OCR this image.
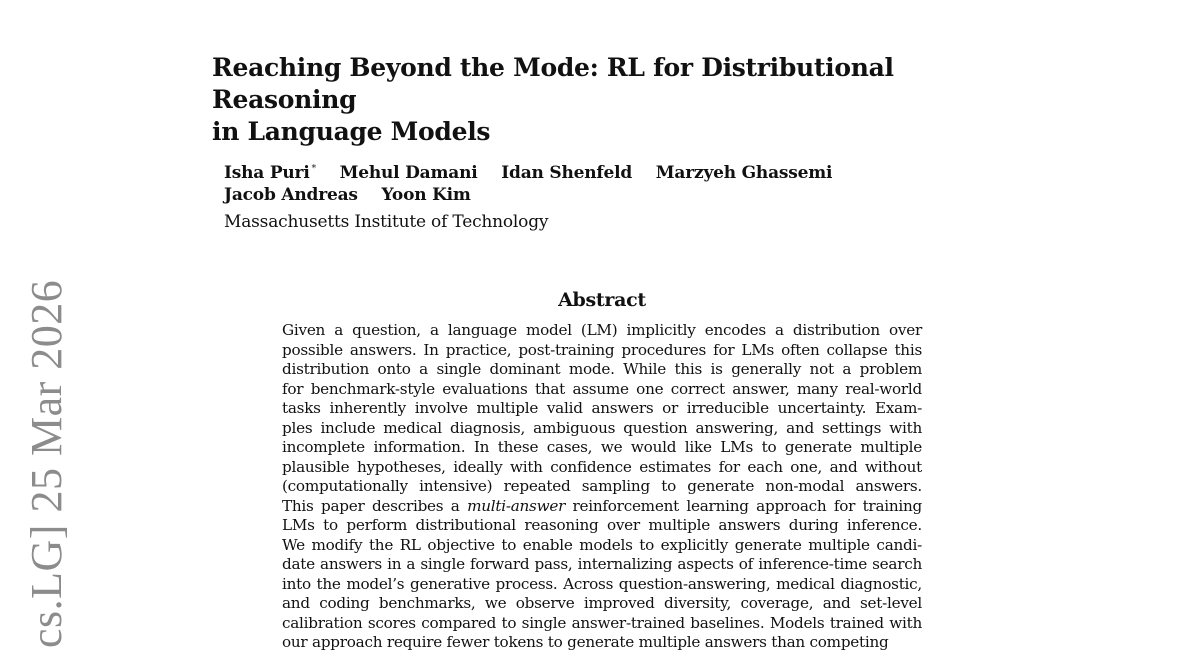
Reaching Beyond the Mode: RL for Distributional Reasoning
in Language Models
Isha Puri * Mehul Damani Idan Shenfeld Marzyeh Ghassemi
Jacob Andreas Yoon Kim
Massachusetts Institute of Technology
Abstract
Given a question, a language model (LM) implicitly encodes a distribution over
possible answers. In practice, post-training procedures for LMs often collapse this
distribution onto a single dominant mode. While this is generally not a problem
for benchmark-style evaluations that assume one correct answer, many real-world
tasks inherently involve multiple valid answers or irreducible uncertainty. Exam-
ples include medical diagnosis, ambiguous question answering, and settings with
incomplete information. In these cases, we would like LMs to generate multiple
plausible hypotheses, ideally with confidence estimates for each one, and without
(computationally intensive) repeated sampling to generate non-modal answers.
This paper describes a multi-answer reinforcement learning approach for training
LMs to perform distributional reasoning over multiple answers during inference.
We modify the RL objective to enable models to explicitly generate multiple candi-
date answers in a single forward pass, internalizing aspects of inference-time search
into the model’s generative process. Across question-answering, medical diagnostic,
and coding benchmarks, we observe improved diversity, coverage, and set-level
calibration scores compared to single answer-trained baselines. Models trained with
our approach require fewer tokens to generate multiple answers than competing
cs.LG] 25 Mar 2026
